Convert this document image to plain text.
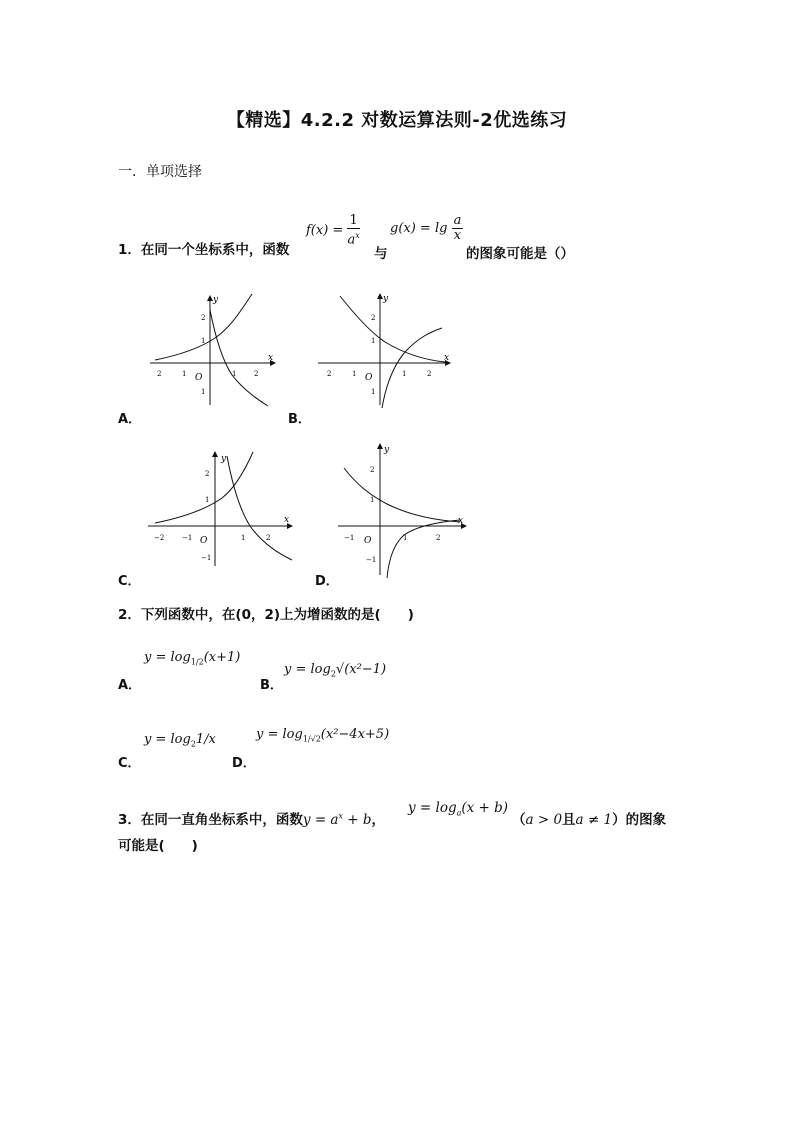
【精选】4.2.2 对数运算法则-2优选练习
一．单项选择
1．在同一个坐标系中，函数
$f(x) = \frac{1}{a^x}$
与
$g(x) = \lg \frac{a}{x}$
的图象可能是（）
x
y
O
2	1	1	2
2
1
1
A．
x
y
O
2	1	1	2
2
1
1
B．
x
y
O
−2	−1	1	2
2
1
−1
C．
x
y
O
−1	1	2
2
1
−1
D．
2．下列函数中，在(0，2)上为增函数的是(　　)
A．
$y = \log_{1/2}(x+1)$
B．
$y = \log_2√(x^2-1)$
C．
$y = \log_21/x$
D．
$y = \log_{1/√2}(x^2-4x+5)$
3．在同一直角坐标系中，函数$y = a^x + b$，
$y = \log_a(x + b)$
（a > 0且a ≠ 1）的图象
可能是(　　)
